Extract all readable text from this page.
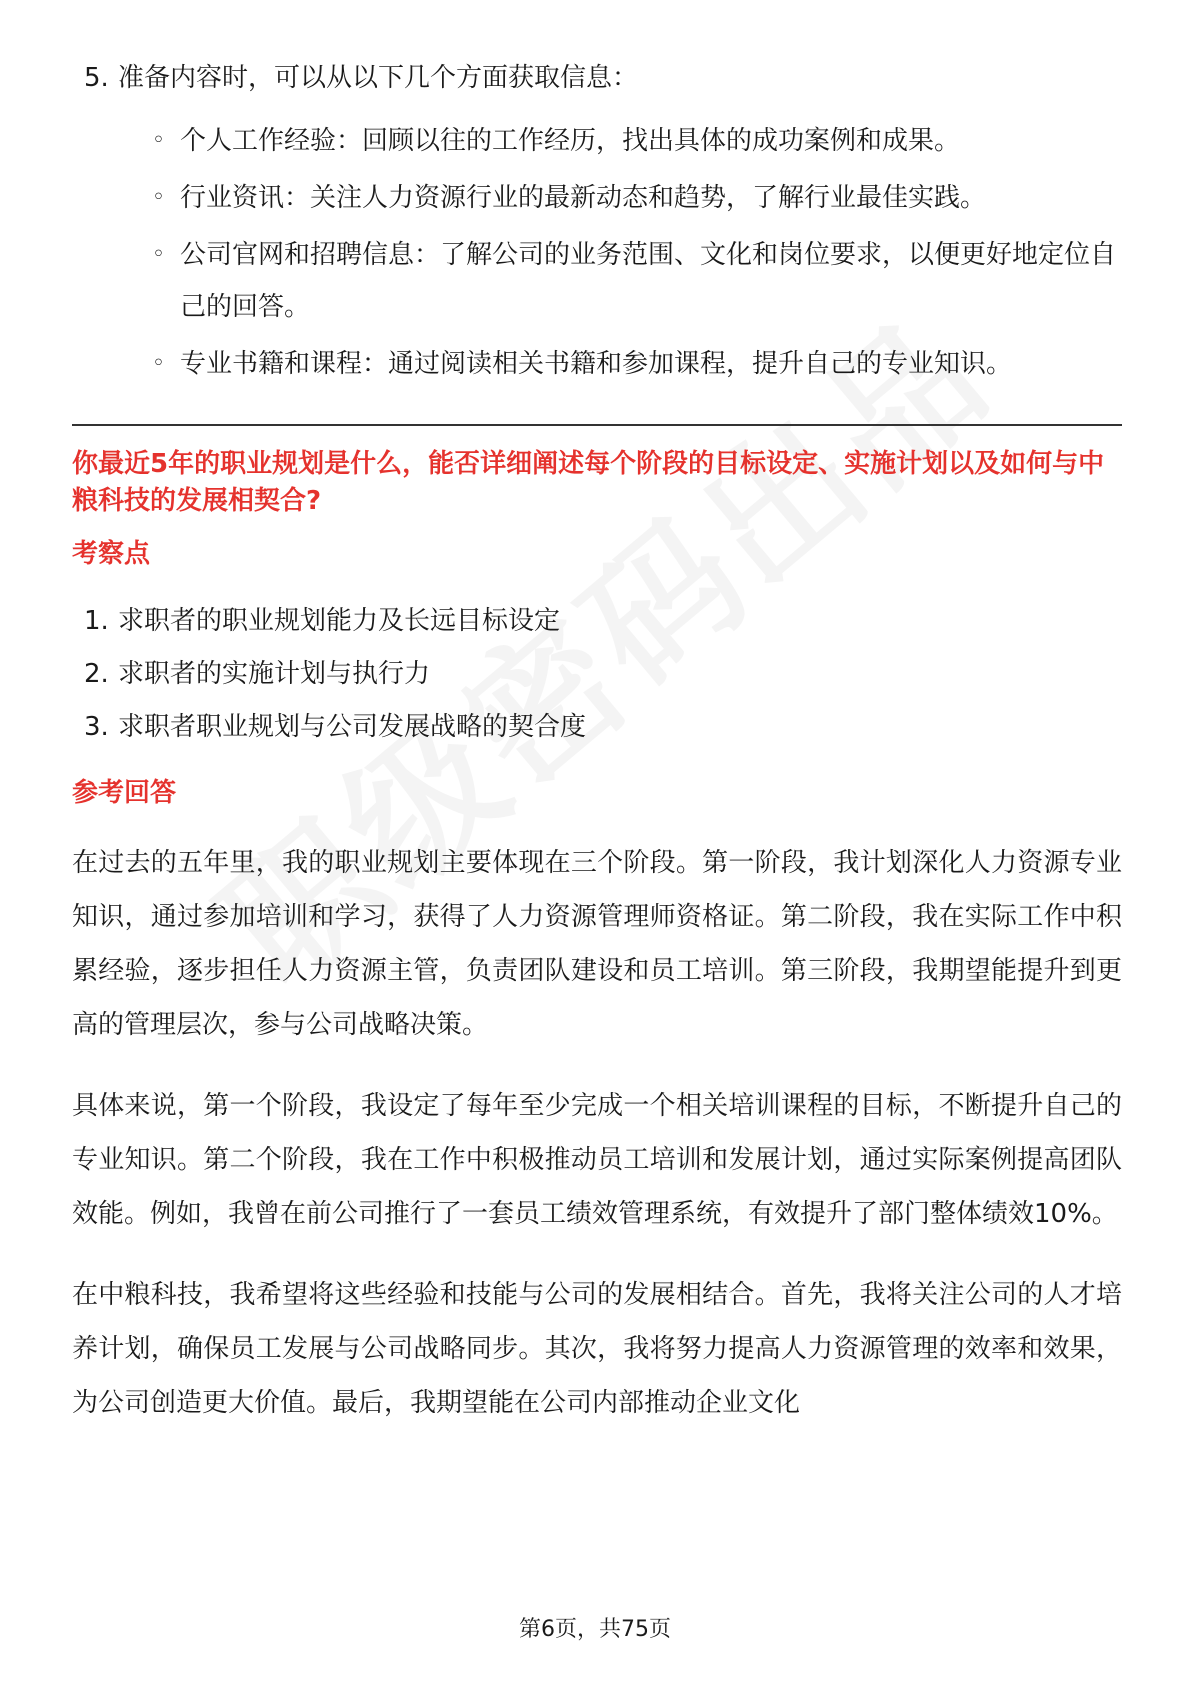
5. 准备内容时，可以从以下几个方面获取信息：
◦ 个人工作经验：回顾以往的工作经历，找出具体的成功案例和成果。
◦ 行业资讯：关注人力资源行业的最新动态和趋势，了解行业最佳实践。
◦ 公司官网和招聘信息：了解公司的业务范围、文化和岗位要求，以便更好地定位自己的回答。
◦ 专业书籍和课程：通过阅读相关书籍和参加课程，提升自己的专业知识。
你最近5年的职业规划是什么，能否详细阐述每个阶段的目标设定、实施计划以及如何与中粮科技的发展相契合?
考察点
1. 求职者的职业规划能力及长远目标设定
2. 求职者的实施计划与执行力
3. 求职者职业规划与公司发展战略的契合度
参考回答

在过去的五年里，我的职业规划主要体现在三个阶段。第一阶段，我计划深化人力资源专业知识，通过参加培训和学习，获得了人力资源管理师资格证。第二阶段，我在实际工作中积累经验，逐步担任人力资源主管，负责团队建设和员工培训。第三阶段，我期望能提升到更高的管理层次，参与公司战略决策。

具体来说，第一个阶段，我设定了每年至少完成一个相关培训课程的目标，不断提升自己的专业知识。第二个阶段，我在工作中积极推动员工培训和发展计划，通过实际案例提高团队效能。例如，我曾在前公司推行了一套员工绩效管理系统，有效提升了部门整体绩效10%。

在中粮科技，我希望将这些经验和技能与公司的发展相结合。首先，我将关注公司的人才培养计划，确保员工发展与公司战略同步。其次，我将努力提高人力资源管理的效率和效果，为公司创造更大价值。最后，我期望能在公司内部推动企业文化

第6页，共75页
